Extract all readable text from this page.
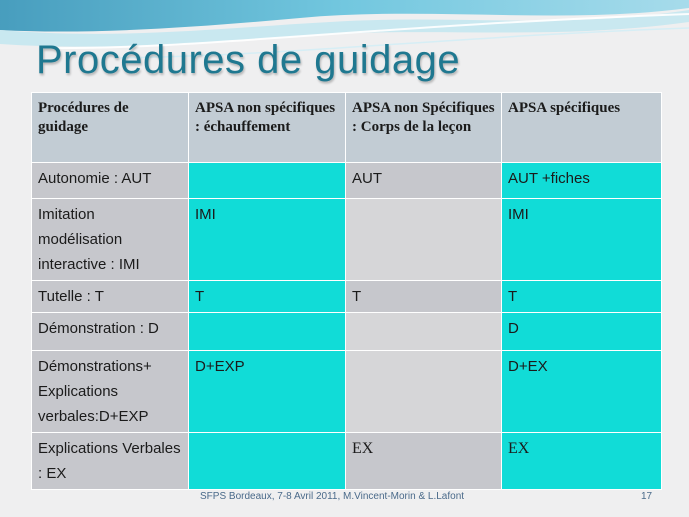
Procédures de guidage
Procédures de guidage	APSA non spécifiques : échauffement	APSA non Spécifiques : Corps de la leçon	APSA spécifiques
Autonomie : AUT		AUT	AUT +fiches
Imitation modélisation interactive : IMI	IMI		IMI
Tutelle : T	T	T	T
Démonstration : D			D
Démonstrations+ Explications verbales:D+EXP	D+EXP		D+EX
Explications Verbales : EX		EX	EX
SFPS Bordeaux, 7-8 Avril 2011, M.Vincent-Morin & L.Lafont	17
